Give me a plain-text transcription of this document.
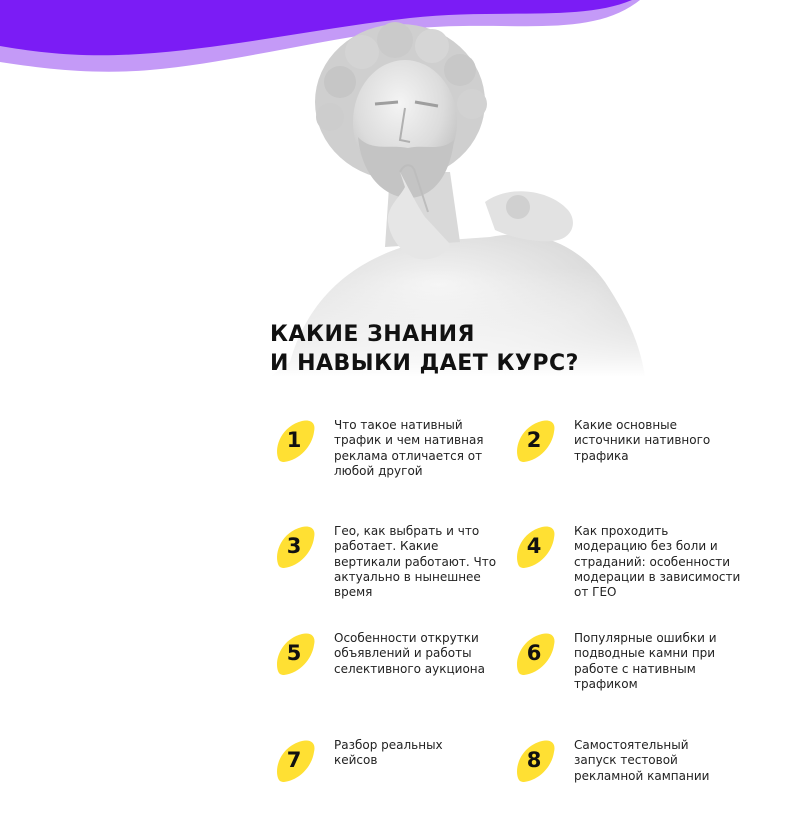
КАКИЕ ЗНАНИЯ
И НАВЫКИ ДАЕТ КУРС?
1
Что такое нативный трафик и чем нативная реклама отличается от любой другой
2
Какие основные источники нативного трафика
3
Гео, как выбрать и что работает. Какие вертикали работают. Что актуально в нынешнее время
4
Как проходить модерацию без боли и страданий: особенности модерации в зависимости от ГЕО
5
Особенности открутки объявлений и работы селективного аукциона
6
Популярные ошибки и подводные камни при работе с нативным трафиком
7
Разбор реальных кейсов	8
Самостоятельный запуск тестовой рекламной кампании
